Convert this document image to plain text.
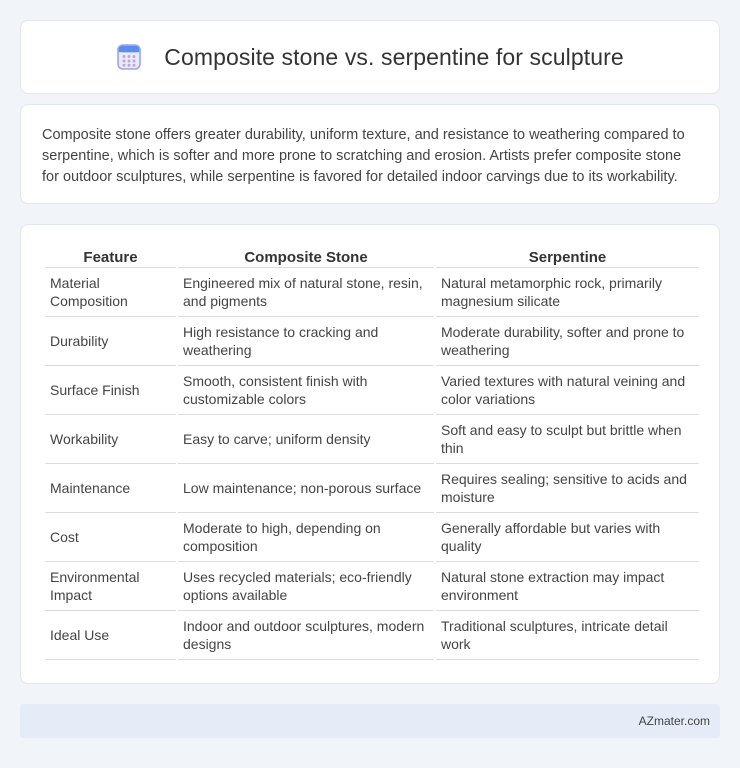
Composite stone vs. serpentine for sculpture

Composite stone offers greater durability, uniform texture, and resistance to weathering compared to serpentine, which is softer and more prone to scratching and erosion. Artists prefer composite stone for outdoor sculptures, while serpentine is favored for detailed indoor carvings due to its workability.

Feature	Composite Stone	Serpentine
Material Composition	Engineered mix of natural stone, resin, and pigments	Natural metamorphic rock, primarily magnesium silicate
Durability	High resistance to cracking and weathering	Moderate durability, softer and prone to weathering
Surface Finish	Smooth, consistent finish with customizable colors	Varied textures with natural veining and color variations
Workability	Easy to carve; uniform density	Soft and easy to sculpt but brittle when thin
Maintenance	Low maintenance; non-porous surface	Requires sealing; sensitive to acids and moisture
Cost	Moderate to high, depending on composition	Generally affordable but varies with quality
Environmental Impact	Uses recycled materials; eco-friendly options available	Natural stone extraction may impact environment
Ideal Use	Indoor and outdoor sculptures, modern designs	Traditional sculptures, intricate detail work
AZmater.com
